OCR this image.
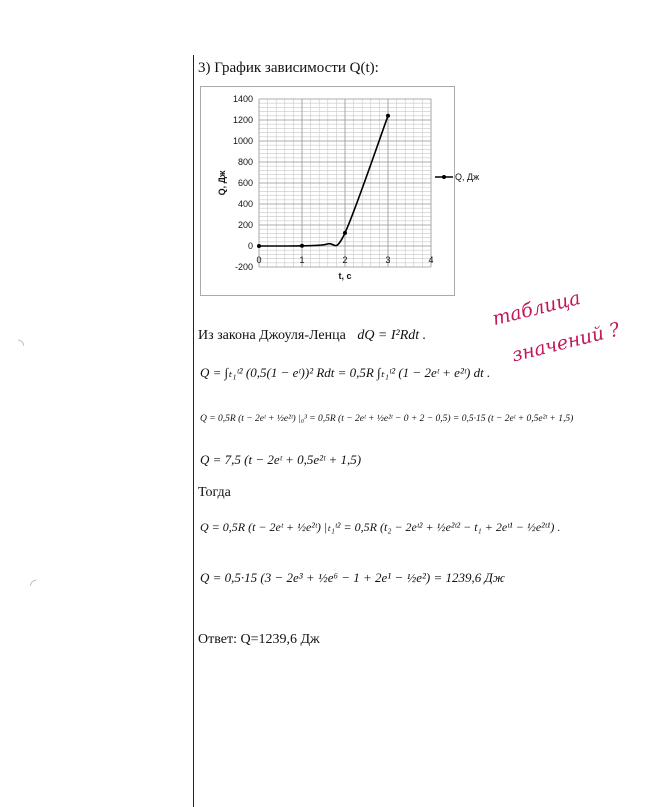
3) График зависимости Q(t):
-200
0
200
400
600
800
1000
1200
1400
0	1	2	3	4
t, c
Q, Дж	Q, Дж
Из закона Джоуля-Ленца dQ = I²Rdt .
Q = ∫ₜ₁ᵗ² (0,5(1 − eᵗ))² Rdt = 0,5R ∫ₜ₁ᵗ² (1 − 2eᵗ + e²ᵗ) dt .
Q = 0,5R (t − 2eᵗ + ½e²ᵗ) |₀³ = 0,5R (t − 2eᵗ + ½e²ᵗ − 0 + 2 − 0,5) = 0,5·15 (t − 2eᵗ + 0,5e²ᵗ + 1,5)
Q = 7,5 (t − 2eᵗ + 0,5e²ᵗ + 1,5)
Тогда
Q = 0,5R (t − 2eᵗ + ½e²ᵗ) |ₜ₁ᵗ² = 0,5R (t₂ − 2eᵗ² + ½e²ᵗ² − t₁ + 2eᵗ¹ − ½e²ᵗ¹) .
Q = 0,5·15 (3 − 2e³ + ½e⁶ − 1 + 2e¹ − ½e²) = 1239,6 Дж
Ответ: Q=1239,6 Дж
таблица
значений ?
◝
◜
